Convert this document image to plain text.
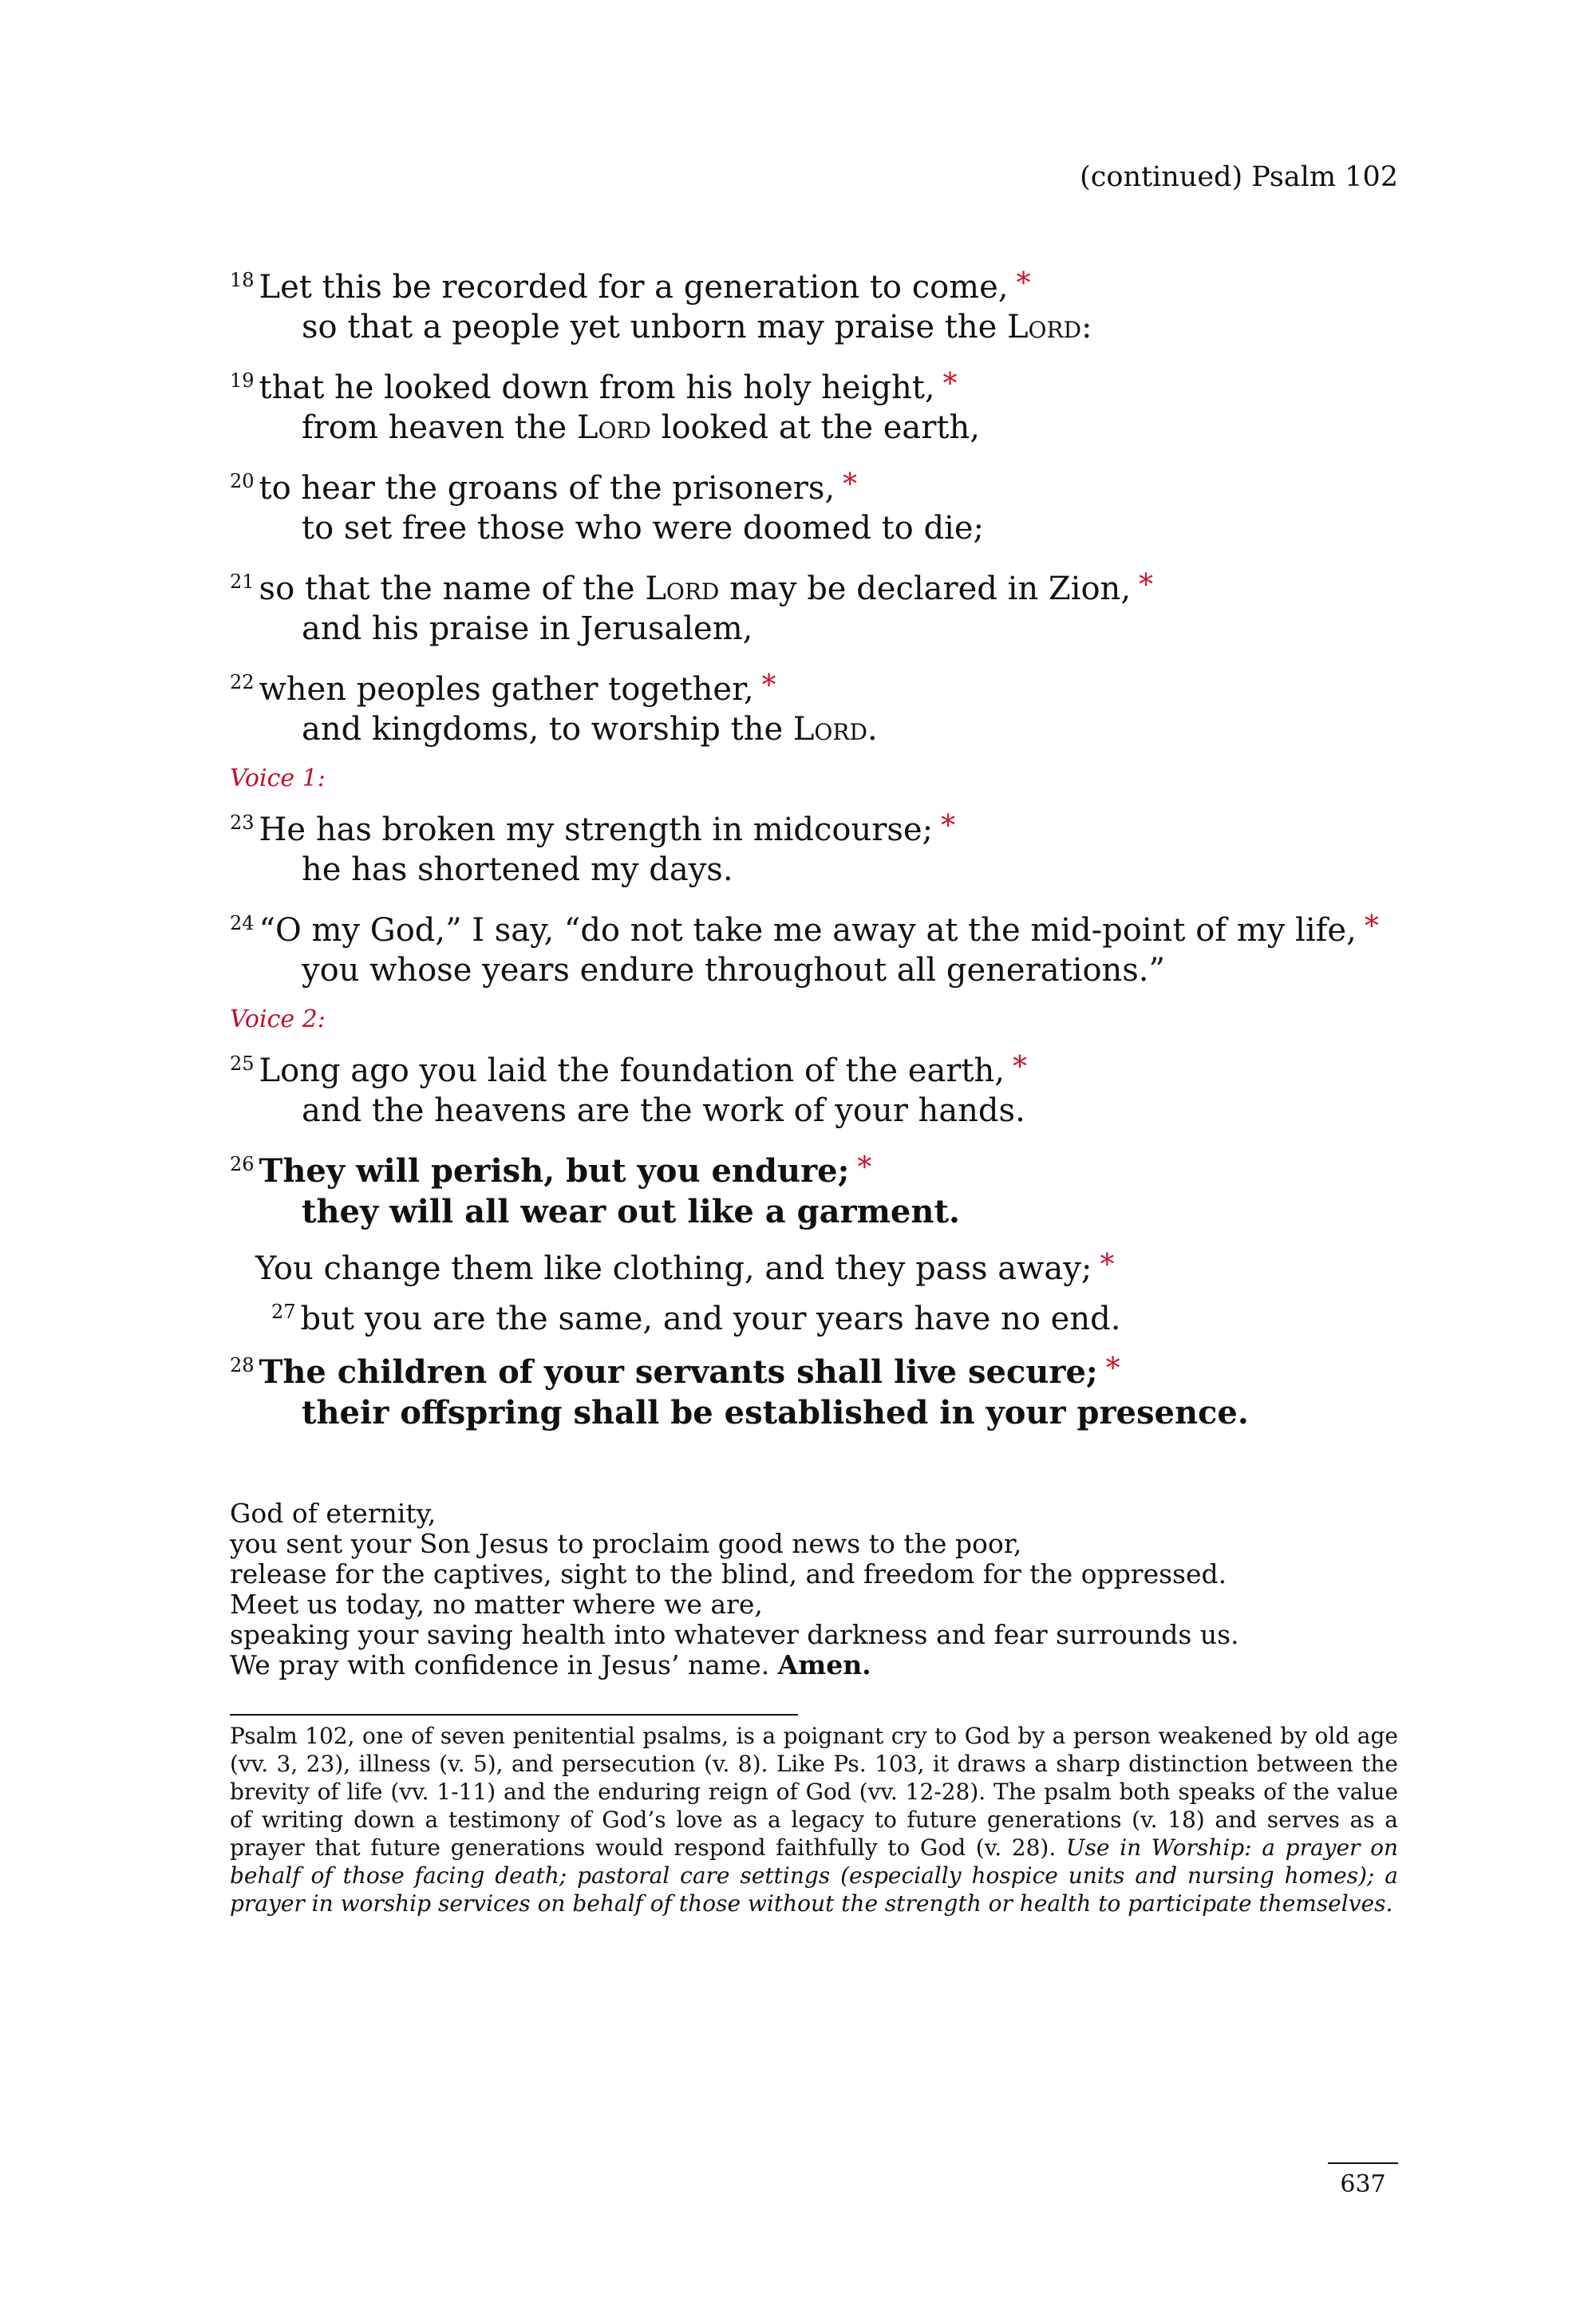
(continued) Psalm 102
$^{18}$ Let this be recorded for a generation to come, *
so that a people yet unborn may praise the Lord:
$^{19}$ that he looked down from his holy height, *
from heaven the Lord looked at the earth,
$^{20}$ to hear the groans of the prisoners, *
to set free those who were doomed to die;
$^{21}$ so that the name of the Lord may be declared in Zion, *
and his praise in Jerusalem,
$^{22}$ when peoples gather together, *
and kingdoms, to worship the Lord.
Voice 1:
$^{23}$ He has broken my strength in midcourse; *
he has shortened my days.
$^{24}$ “O my God,” I say, “do not take me away at the mid-point of my life, *
you whose years endure throughout all generations.”
Voice 2:
$^{25}$ Long ago you laid the foundation of the earth, *
and the heavens are the work of your hands.
$^{26}$ They will perish, but you endure; *
they will all wear out like a garment.
You change them like clothing, and they pass away; *
$^{27}$ but you are the same, and your years have no end.
$^{28}$ The children of your servants shall live secure; *
their offspring shall be established in your presence.
God of eternity,
you sent your Son Jesus to proclaim good news to the poor,
release for the captives, sight to the blind, and freedom for the oppressed.
Meet us today, no matter where we are,
speaking your saving health into whatever darkness and fear surrounds us.
We pray with confidence in Jesus’ name. Amen.
Psalm 102, one of seven penitential psalms, is a poignant cry to God by a person weakened by old age (vv. 3, 23), illness (v. 5), and persecution (v. 8). Like Ps. 103, it draws a sharp distinction between the brevity of life (vv. 1-11) and the enduring reign of God (vv. 12-28). The psalm both speaks of the value of writing down a testimony of God’s love as a legacy to future generations (v. 18) and serves as a prayer that future generations would respond faithfully to God (v. 28). Use in Worship: a prayer on behalf of those facing death; pastoral care settings (especially hospice units and nursing homes); a prayer in worship services on behalf of those without the strength or health to participate themselves.
637
